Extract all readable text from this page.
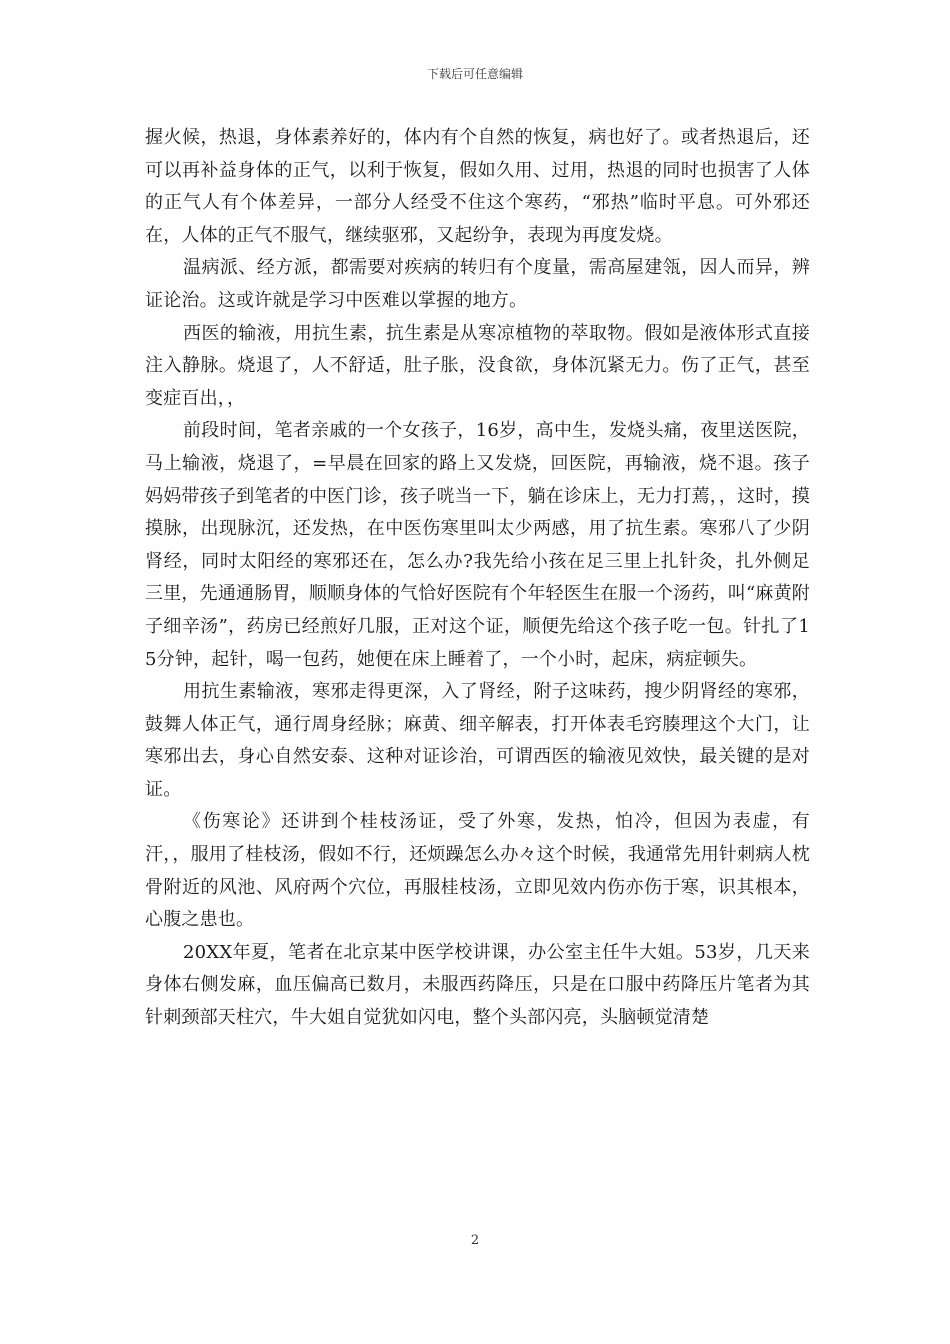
下载后可任意编辑

握火候，热退，身体素养好的，体内有个自然的恢复，病也好了。或者热退后，还可以再补益身体的正气，以利于恢复，假如久用、过用，热退的同时也损害了人体的正气人有个体差异，一部分人经受不住这个寒药，“邪热”临时平息。可外邪还在，人体的正气不服气，继续驱邪，又起纷争，表现为再度发烧。

温病派、经方派，都需要对疾病的转归有个度量，需高屋建瓴，因人而异，辨证论治。这或许就是学习中医难以掌握的地方。

西医的输液，用抗生素，抗生素是从寒凉植物的萃取物。假如是液体形式直接注入静脉。烧退了，人不舒适，肚子胀，没食欲，身体沉紧无力。伤了正气，甚至变症百出，，

前段时间，笔者亲戚的一个女孩子，16岁，高中生，发烧头痛，夜里送医院，马上输液，烧退了，=早晨在回家的路上又发烧，回医院，再输液，烧不退。孩子妈妈带孩子到笔者的中医门诊，孩子咣当一下，躺在诊床上，无力打蔫，，这时，摸摸脉，出现脉沉，还发热，在中医伤寒里叫太少两感，用了抗生素。寒邪八了少阴肾经，同时太阳经的寒邪还在，怎么办?我先给小孩在足三里上扎针灸，扎外侧足三里，先通通肠胃，顺顺身体的气恰好医院有个年轻医生在服一个汤药，叫“麻黄附子细辛汤”，药房已经煎好几服，正对这个证，顺便先给这个孩子吃一包。针扎了15分钟，起针，喝一包药，她便在床上睡着了，一个小时，起床，病症顿失。

用抗生素输液，寒邪走得更深，入了肾经，附子这味药，搜少阴肾经的寒邪，鼓舞人体正气，通行周身经脉；麻黄、细辛解表，打开体表毛窍腠理这个大门，让寒邪出去，身心自然安泰、这种对证诊治，可谓西医的输液见效快，最关键的是对证。

《伤寒论》还讲到个桂枝汤证，受了外寒，发热，怕冷，但因为表虚，有汗，，服用了桂枝汤，假如不行，还烦躁怎么办々这个时候，我通常先用针刺病人枕骨附近的风池、风府两个穴位，再服桂枝汤，立即见效内伤亦伤于寒，识其根本，心腹之患也。

20XX年夏，笔者在北京某中医学校讲课，办公室主任牛大姐。53岁，几天来身体右侧发麻，血压偏高已数月，未服西药降压，只是在口服中药降压片笔者为其针刺颈部天柱穴，牛大姐自觉犹如闪电，整个头部闪亮，头脑顿觉清楚

2
